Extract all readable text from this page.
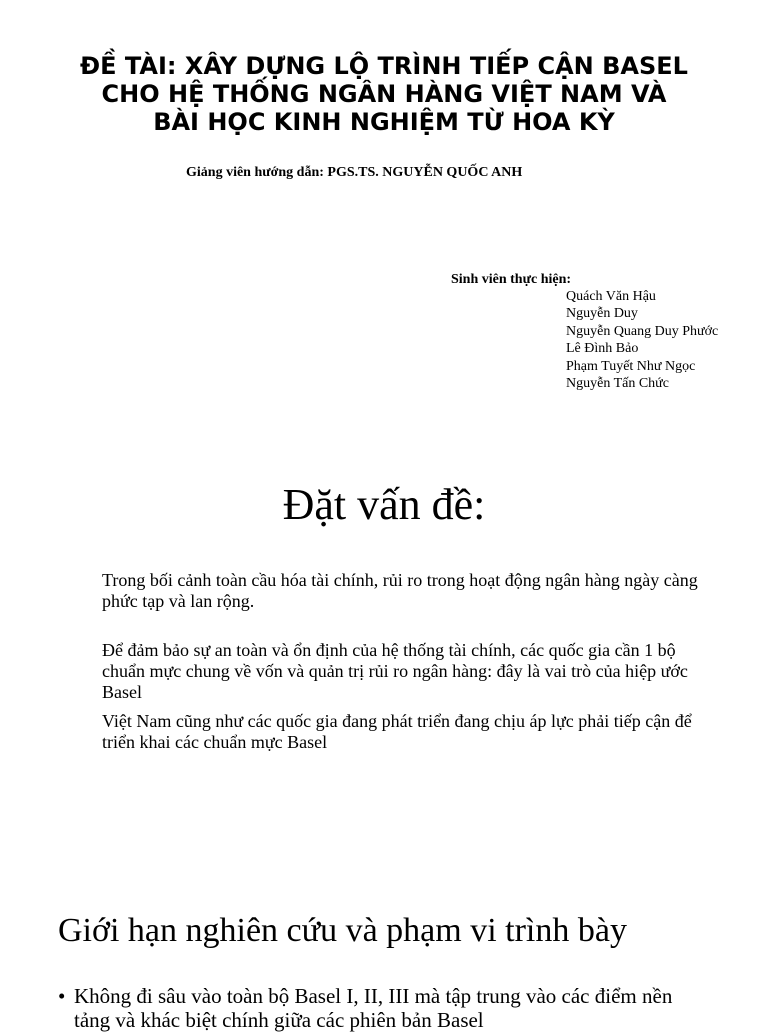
ĐỀ TÀI: XÂY DỰNG LỘ TRÌNH TIẾP CẬN BASEL
CHO HỆ THỐNG NGÂN HÀNG VIỆT NAM VÀ
BÀI HỌC KINH NGHIỆM TỪ HOA KỲ

Giảng viên hướng dẫn: PGS.TS. NGUYỄN QUỐC ANH

Sinh viên thực hiện:

Quách Văn Hậu
Nguyễn Duy
Nguyễn Quang Duy Phước
Lê Đình Bảo
Phạm Tuyết Như Ngọc
Nguyễn Tấn Chức
Đặt vấn đề:

Trong bối cảnh toàn cầu hóa tài chính, rủi ro trong hoạt động ngân hàng ngày càng phức tạp và lan rộng.

Để đảm bảo sự an toàn và ổn định của hệ thống tài chính, các quốc gia cần 1 bộ chuẩn mực chung về vốn và quản trị rủi ro ngân hàng: đây là vai trò của hiệp ước Basel

Việt Nam cũng như các quốc gia đang phát triển đang chịu áp lực phải tiếp cận để triển khai các chuẩn mực Basel

Giới hạn nghiên cứu và phạm vi trình bày
• Không đi sâu vào toàn bộ Basel I, II, III mà tập trung vào các điểm nền tảng và khác biệt chính giữa các phiên bản Basel
